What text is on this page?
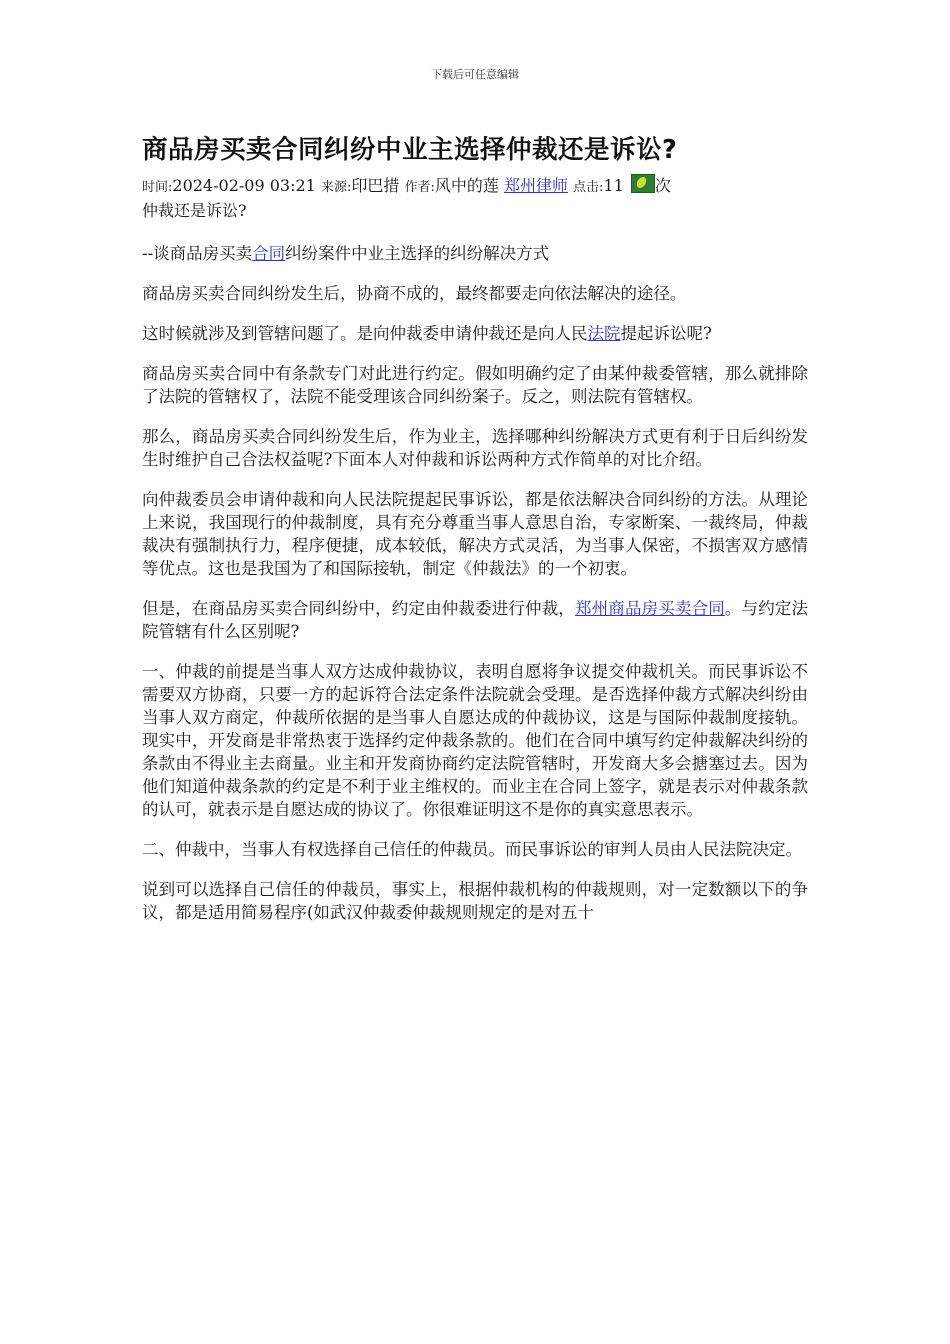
下载后可任意编辑
商品房买卖合同纠纷中业主选择仲裁还是诉讼?
时间:2024-02-09 03:21 来源:印巴措 作者:风中的莲 郑州律师 点击:11 次
仲裁还是诉讼?

--谈商品房买卖合同纠纷案件中业主选择的纠纷解决方式

商品房买卖合同纠纷发生后，协商不成的，最终都要走向依法解决的途径。

这时候就涉及到管辖问题了。是向仲裁委申请仲裁还是向人民法院提起诉讼呢?

商品房买卖合同中有条款专门对此进行约定。假如明确约定了由某仲裁委管辖，那么就排除了法院的管辖权了，法院不能受理该合同纠纷案子。反之，则法院有管辖权。

那么，商品房买卖合同纠纷发生后，作为业主，选择哪种纠纷解决方式更有利于日后纠纷发生时维护自己合法权益呢?下面本人对仲裁和诉讼两种方式作简单的对比介绍。

向仲裁委员会申请仲裁和向人民法院提起民事诉讼，都是依法解决合同纠纷的方法。从理论上来说，我国现行的仲裁制度，具有充分尊重当事人意思自治，专家断案、一裁终局，仲裁裁决有强制执行力，程序便捷，成本较低，解决方式灵活，为当事人保密，不损害双方感情等优点。这也是我国为了和国际接轨，制定《仲裁法》的一个初衷。

但是，在商品房买卖合同纠纷中，约定由仲裁委进行仲裁，郑州商品房买卖合同。与约定法院管辖有什么区别呢?

一、仲裁的前提是当事人双方达成仲裁协议，表明自愿将争议提交仲裁机关。而民事诉讼不需要双方协商，只要一方的起诉符合法定条件法院就会受理。是否选择仲裁方式解决纠纷由当事人双方商定，仲裁所依据的是当事人自愿达成的仲裁协议，这是与国际仲裁制度接轨。现实中，开发商是非常热衷于选择约定仲裁条款的。他们在合同中填写约定仲裁解决纠纷的条款由不得业主去商量。业主和开发商协商约定法院管辖时，开发商大多会搪塞过去。因为他们知道仲裁条款的约定是不利于业主维权的。而业主在合同上签字，就是表示对仲裁条款的认可，就表示是自愿达成的协议了。你很难证明这不是你的真实意思表示。

二、仲裁中，当事人有权选择自己信任的仲裁员。而民事诉讼的审判人员由人民法院决定。

说到可以选择自己信任的仲裁员，事实上，根据仲裁机构的仲裁规则，对一定数额以下的争议，都是适用简易程序(如武汉仲裁委仲裁规则规定的是对五十
